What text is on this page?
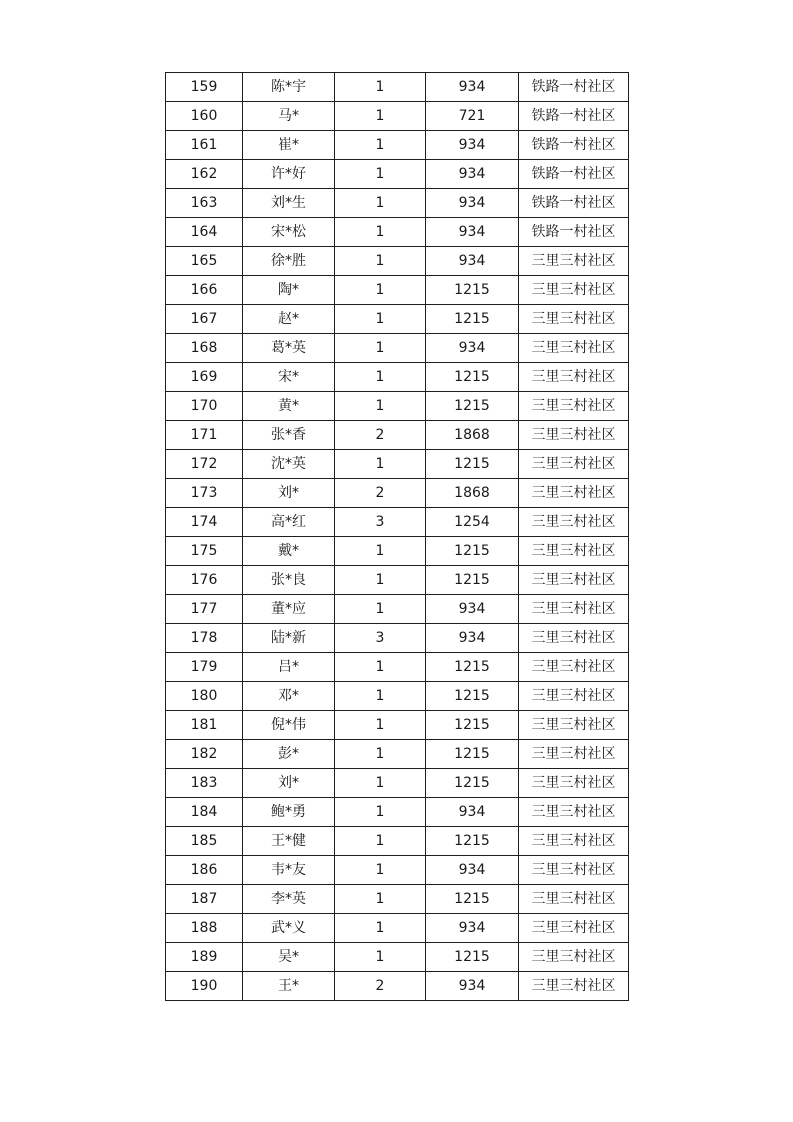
159	陈*宇	1	934	铁路一村社区
160	马*	1	721	铁路一村社区
161	崔*	1	934	铁路一村社区
162	许*好	1	934	铁路一村社区
163	刘*生	1	934	铁路一村社区
164	宋*松	1	934	铁路一村社区
165	徐*胜	1	934	三里三村社区
166	陶*	1	1215	三里三村社区
167	赵*	1	1215	三里三村社区
168	葛*英	1	934	三里三村社区
169	宋*	1	1215	三里三村社区
170	黄*	1	1215	三里三村社区
171	张*香	2	1868	三里三村社区
172	沈*英	1	1215	三里三村社区
173	刘*	2	1868	三里三村社区
174	高*红	3	1254	三里三村社区
175	戴*	1	1215	三里三村社区
176	张*良	1	1215	三里三村社区
177	董*应	1	934	三里三村社区
178	陆*新	3	934	三里三村社区
179	吕*	1	1215	三里三村社区
180	邓*	1	1215	三里三村社区
181	倪*伟	1	1215	三里三村社区
182	彭*	1	1215	三里三村社区
183	刘*	1	1215	三里三村社区
184	鲍*勇	1	934	三里三村社区
185	王*健	1	1215	三里三村社区
186	韦*友	1	934	三里三村社区
187	李*英	1	1215	三里三村社区
188	武*义	1	934	三里三村社区
189	吴*	1	1215	三里三村社区
190	王*	2	934	三里三村社区
